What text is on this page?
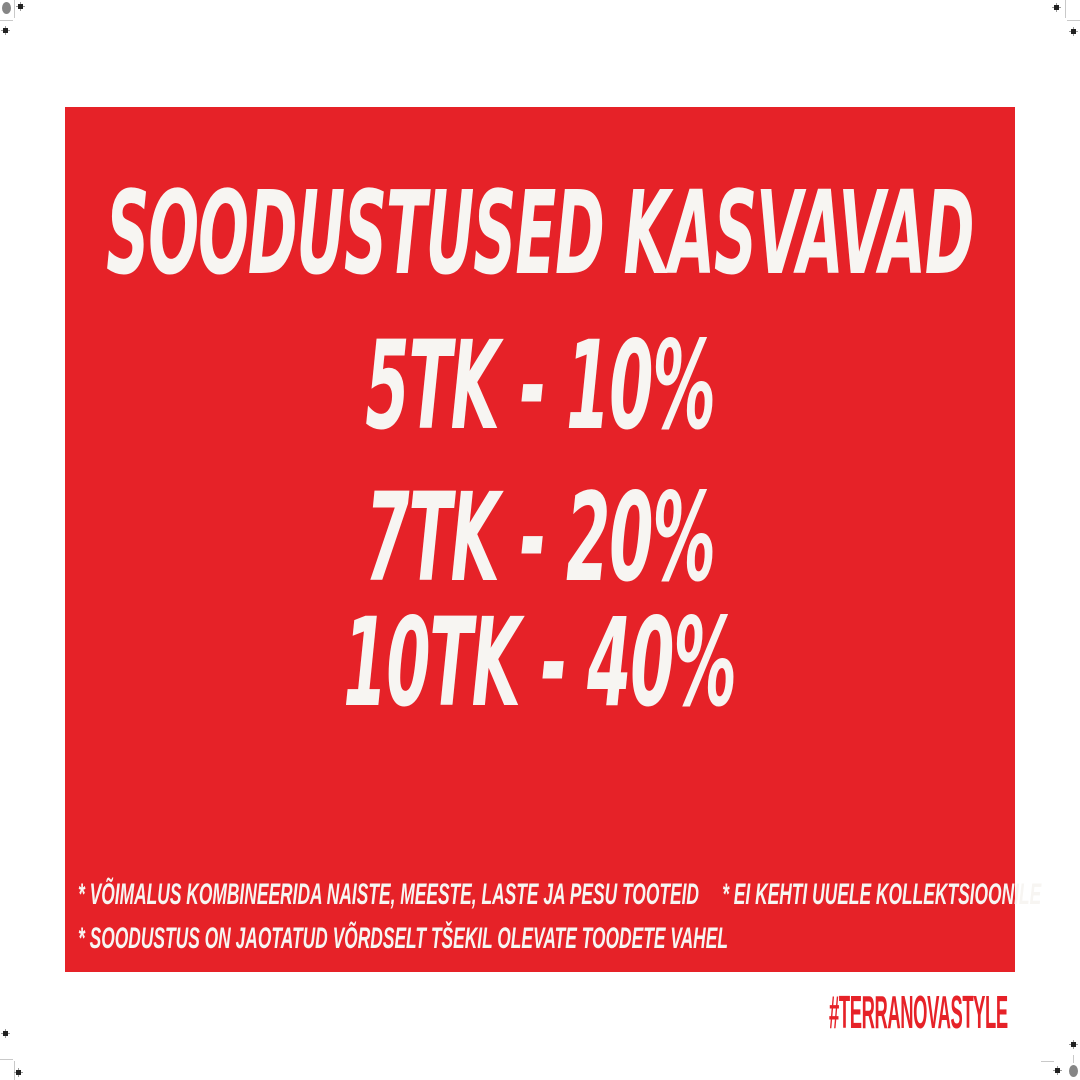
SOODUSTUSED KASVAVAD
5TK - 10%
7TK - 20%
10TK - 40%
* VÕIMALUS KOMBINEERIDA NAISTE, MEESTE, LASTE JA PESU TOOTEID * EI KEHTI UUELE KOLLEKTSIOONILE
* SOODUSTUS ON JAOTATUD VÕRDSELT TŠEKIL OLEVATE TOODETE VAHEL
#TERRANOVASTYLE
